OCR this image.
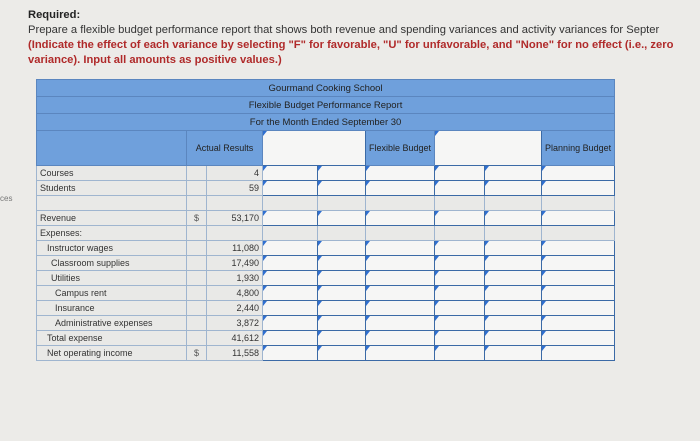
ces
Required:
Prepare a flexible budget performance report that shows both revenue and spending variances and activity variances for Septer
(Indicate the effect of each variance by selecting "F" for favorable, "U" for unfavorable, and "None" for no effect (i.e., zero
variance). Input all amounts as positive values.)
Gourmand Cooking School								
Flexible Budget Performance Report								
For the Month Ended September 30								
	Actual Results				Flexible Budget			Planning Budget
Courses		4						
Students		59						

Revenue	$	53,170						
Expenses:								
Instructor wages		11,080						
Classroom supplies		17,490						
Utilities		1,930						
Campus rent		4,800						
Insurance		2,440						
Administrative expenses		3,872						
Total expense		41,612						
Net operating income	$	11,558						
